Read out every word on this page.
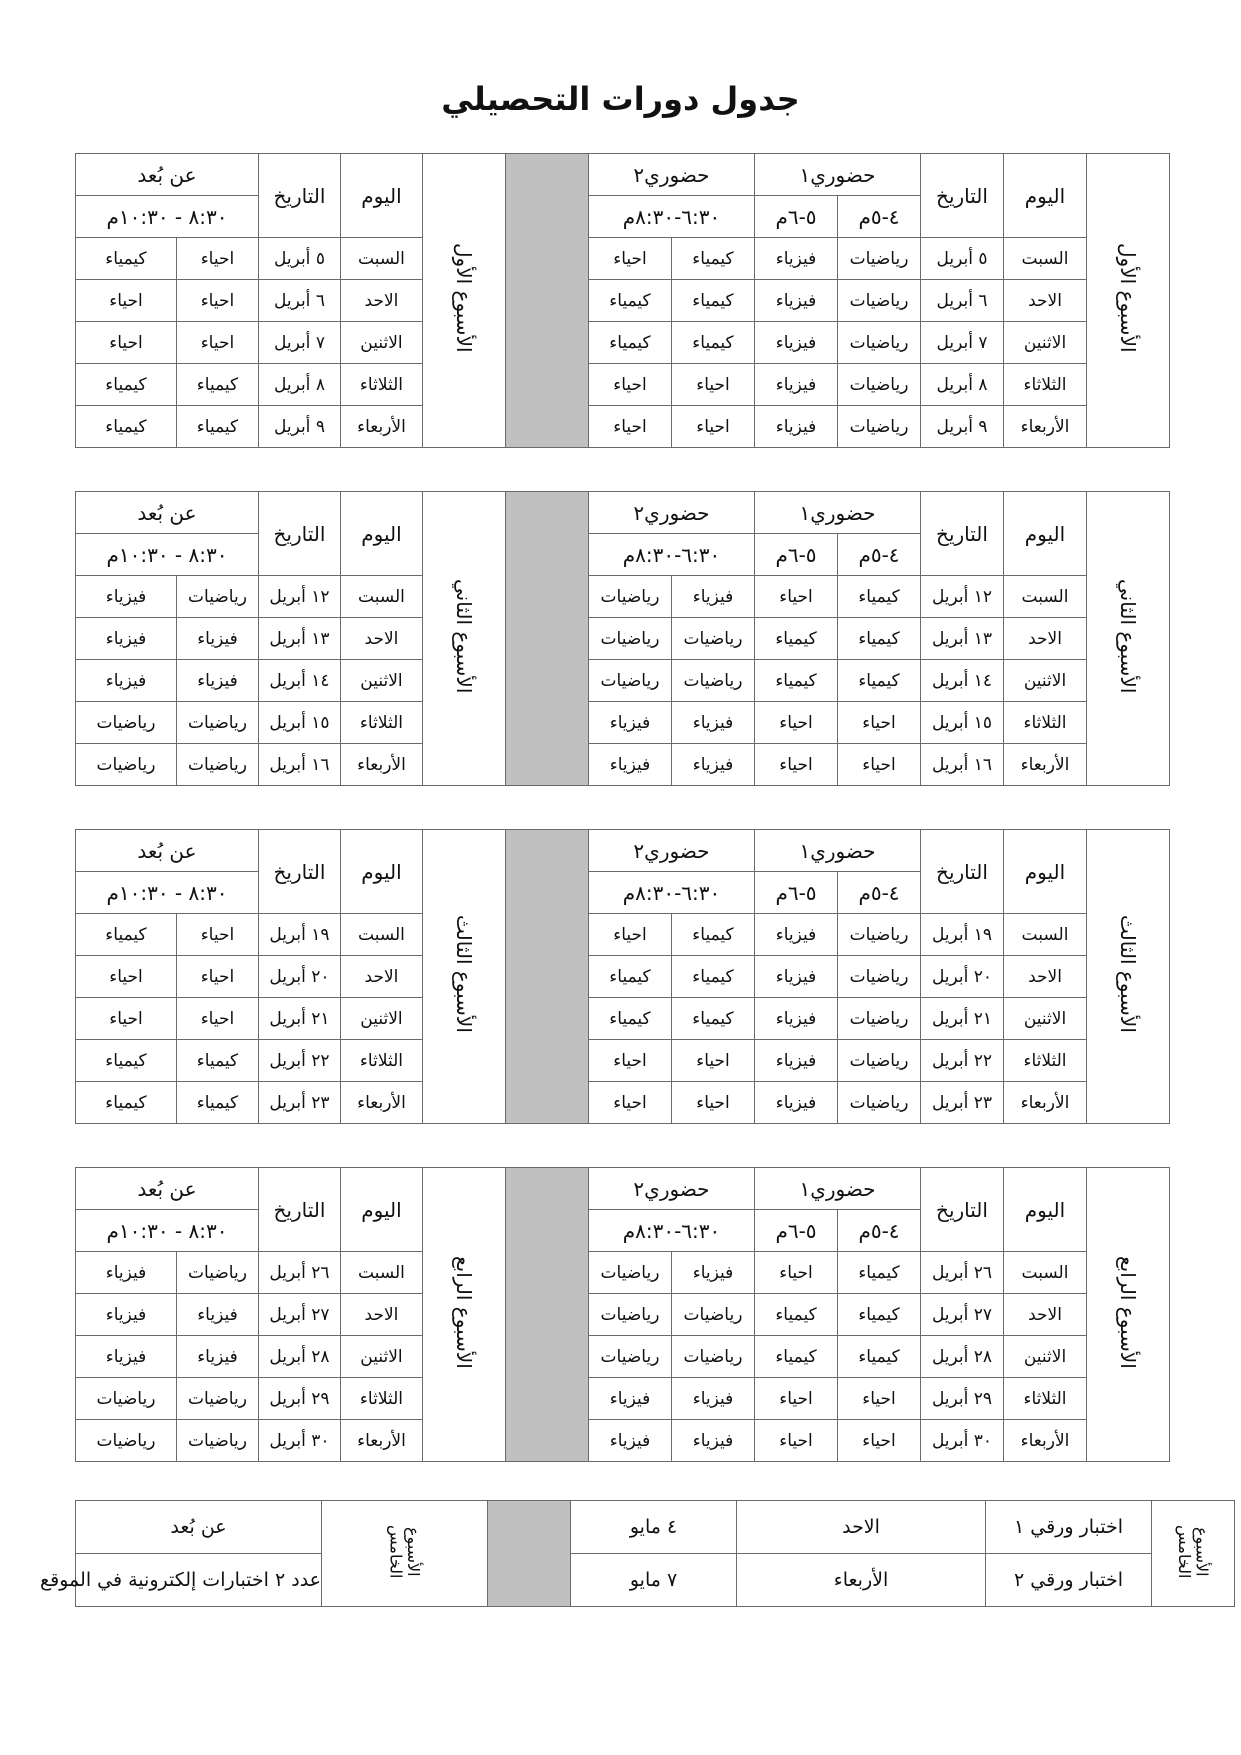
جدول دورات التحصيلي
الأسبوع الأول	اليوم	التاريخ	حضوري١		حضوري٢			الأسبوع الأول	اليوم	التاريخ	عن بُعد	
			٤-٥م	٥-٦م	٦:٣٠-٨:٣٠م						٨:٣٠ - ١٠:٣٠م	
	السبت	٥ أبريل	رياضيات	فيزياء	كيمياء	احياء			السبت	٥ أبريل	احياء	كيمياء
	الاحد	٦ أبريل	رياضيات	فيزياء	كيمياء	كيمياء			الاحد	٦ أبريل	احياء	احياء
	الاثنين	٧ أبريل	رياضيات	فيزياء	كيمياء	كيمياء			الاثنين	٧ أبريل	احياء	احياء
	الثلاثاء	٨ أبريل	رياضيات	فيزياء	احياء	احياء			الثلاثاء	٨ أبريل	كيمياء	كيمياء
	الأربعاء	٩ أبريل	رياضيات	فيزياء	احياء	احياء			الأربعاء	٩ أبريل	كيمياء	كيمياء
الأسبوع الثاني	اليوم	التاريخ	حضوري١		حضوري٢			الأسبوع الثاني	اليوم	التاريخ	عن بُعد	
			٤-٥م	٥-٦م	٦:٣٠-٨:٣٠م						٨:٣٠ - ١٠:٣٠م	
	السبت	١٢ أبريل	كيمياء	احياء	فيزياء	رياضيات			السبت	١٢ أبريل	رياضيات	فيزياء
	الاحد	١٣ أبريل	كيمياء	كيمياء	رياضيات	رياضيات			الاحد	١٣ أبريل	فيزياء	فيزياء
	الاثنين	١٤ أبريل	كيمياء	كيمياء	رياضيات	رياضيات			الاثنين	١٤ أبريل	فيزياء	فيزياء
	الثلاثاء	١٥ أبريل	احياء	احياء	فيزياء	فيزياء			الثلاثاء	١٥ أبريل	رياضيات	رياضيات
	الأربعاء	١٦ أبريل	احياء	احياء	فيزياء	فيزياء			الأربعاء	١٦ أبريل	رياضيات	رياضيات
الأسبوع الثالث	اليوم	التاريخ	حضوري١		حضوري٢			الأسبوع الثالث	اليوم	التاريخ	عن بُعد	
			٤-٥م	٥-٦م	٦:٣٠-٨:٣٠م						٨:٣٠ - ١٠:٣٠م	
	السبت	١٩ أبريل	رياضيات	فيزياء	كيمياء	احياء			السبت	١٩ أبريل	احياء	كيمياء
	الاحد	٢٠ أبريل	رياضيات	فيزياء	كيمياء	كيمياء			الاحد	٢٠ أبريل	احياء	احياء
	الاثنين	٢١ أبريل	رياضيات	فيزياء	كيمياء	كيمياء			الاثنين	٢١ أبريل	احياء	احياء
	الثلاثاء	٢٢ أبريل	رياضيات	فيزياء	احياء	احياء			الثلاثاء	٢٢ أبريل	كيمياء	كيمياء
	الأربعاء	٢٣ أبريل	رياضيات	فيزياء	احياء	احياء			الأربعاء	٢٣ أبريل	كيمياء	كيمياء
الأسبوع الرابع	اليوم	التاريخ	حضوري١		حضوري٢			الأسبوع الرابع	اليوم	التاريخ	عن بُعد	
			٤-٥م	٥-٦م	٦:٣٠-٨:٣٠م						٨:٣٠ - ١٠:٣٠م	
	السبت	٢٦ أبريل	كيمياء	احياء	فيزياء	رياضيات			السبت	٢٦ أبريل	رياضيات	فيزياء
	الاحد	٢٧ أبريل	كيمياء	كيمياء	رياضيات	رياضيات			الاحد	٢٧ أبريل	فيزياء	فيزياء
	الاثنين	٢٨ أبريل	كيمياء	كيمياء	رياضيات	رياضيات			الاثنين	٢٨ أبريل	فيزياء	فيزياء
	الثلاثاء	٢٩ أبريل	احياء	احياء	فيزياء	فيزياء			الثلاثاء	٢٩ أبريل	رياضيات	رياضيات
	الأربعاء	٣٠ أبريل	احياء	احياء	فيزياء	فيزياء			الأربعاء	٣٠ أبريل	رياضيات	رياضيات
الأسبوع الخامس	اختبار ورقي ١	الاحد	٤ مايو		الأسبوع الخامس	عن بُعد
	اختبار ورقي ٢	الأربعاء	٧ مايو			عدد ٢ اختبارات إلكترونية في الموقع
